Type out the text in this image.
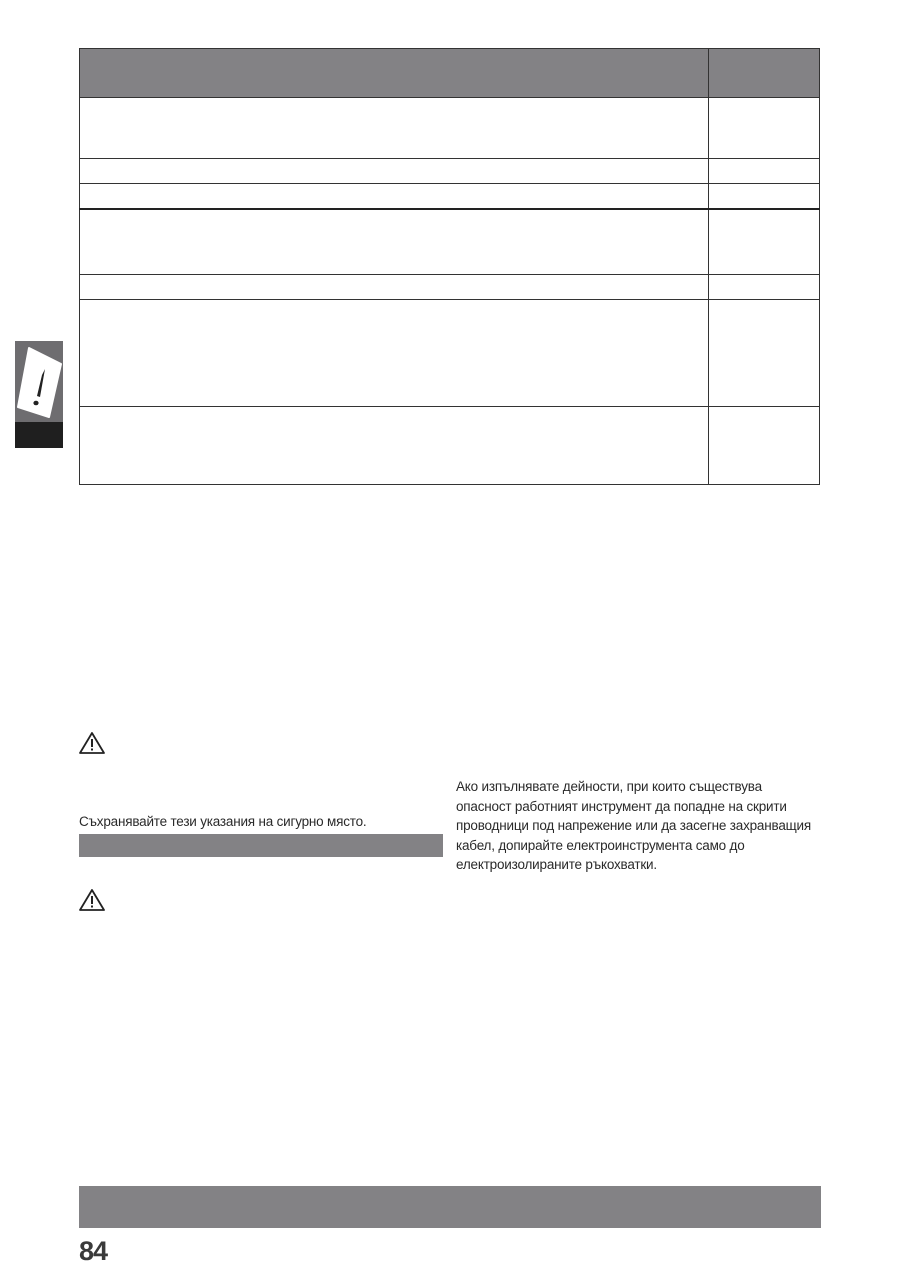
Съхранявайте тези указания на сигурно място.
Ако изпълнявате дейности, при които съществува опасност работният инструмент да попадне на скрити проводници под напрежение или да засегне захранващия кабел, допирайте електроинструмента само до електроизолираните ръкохватки.
84
